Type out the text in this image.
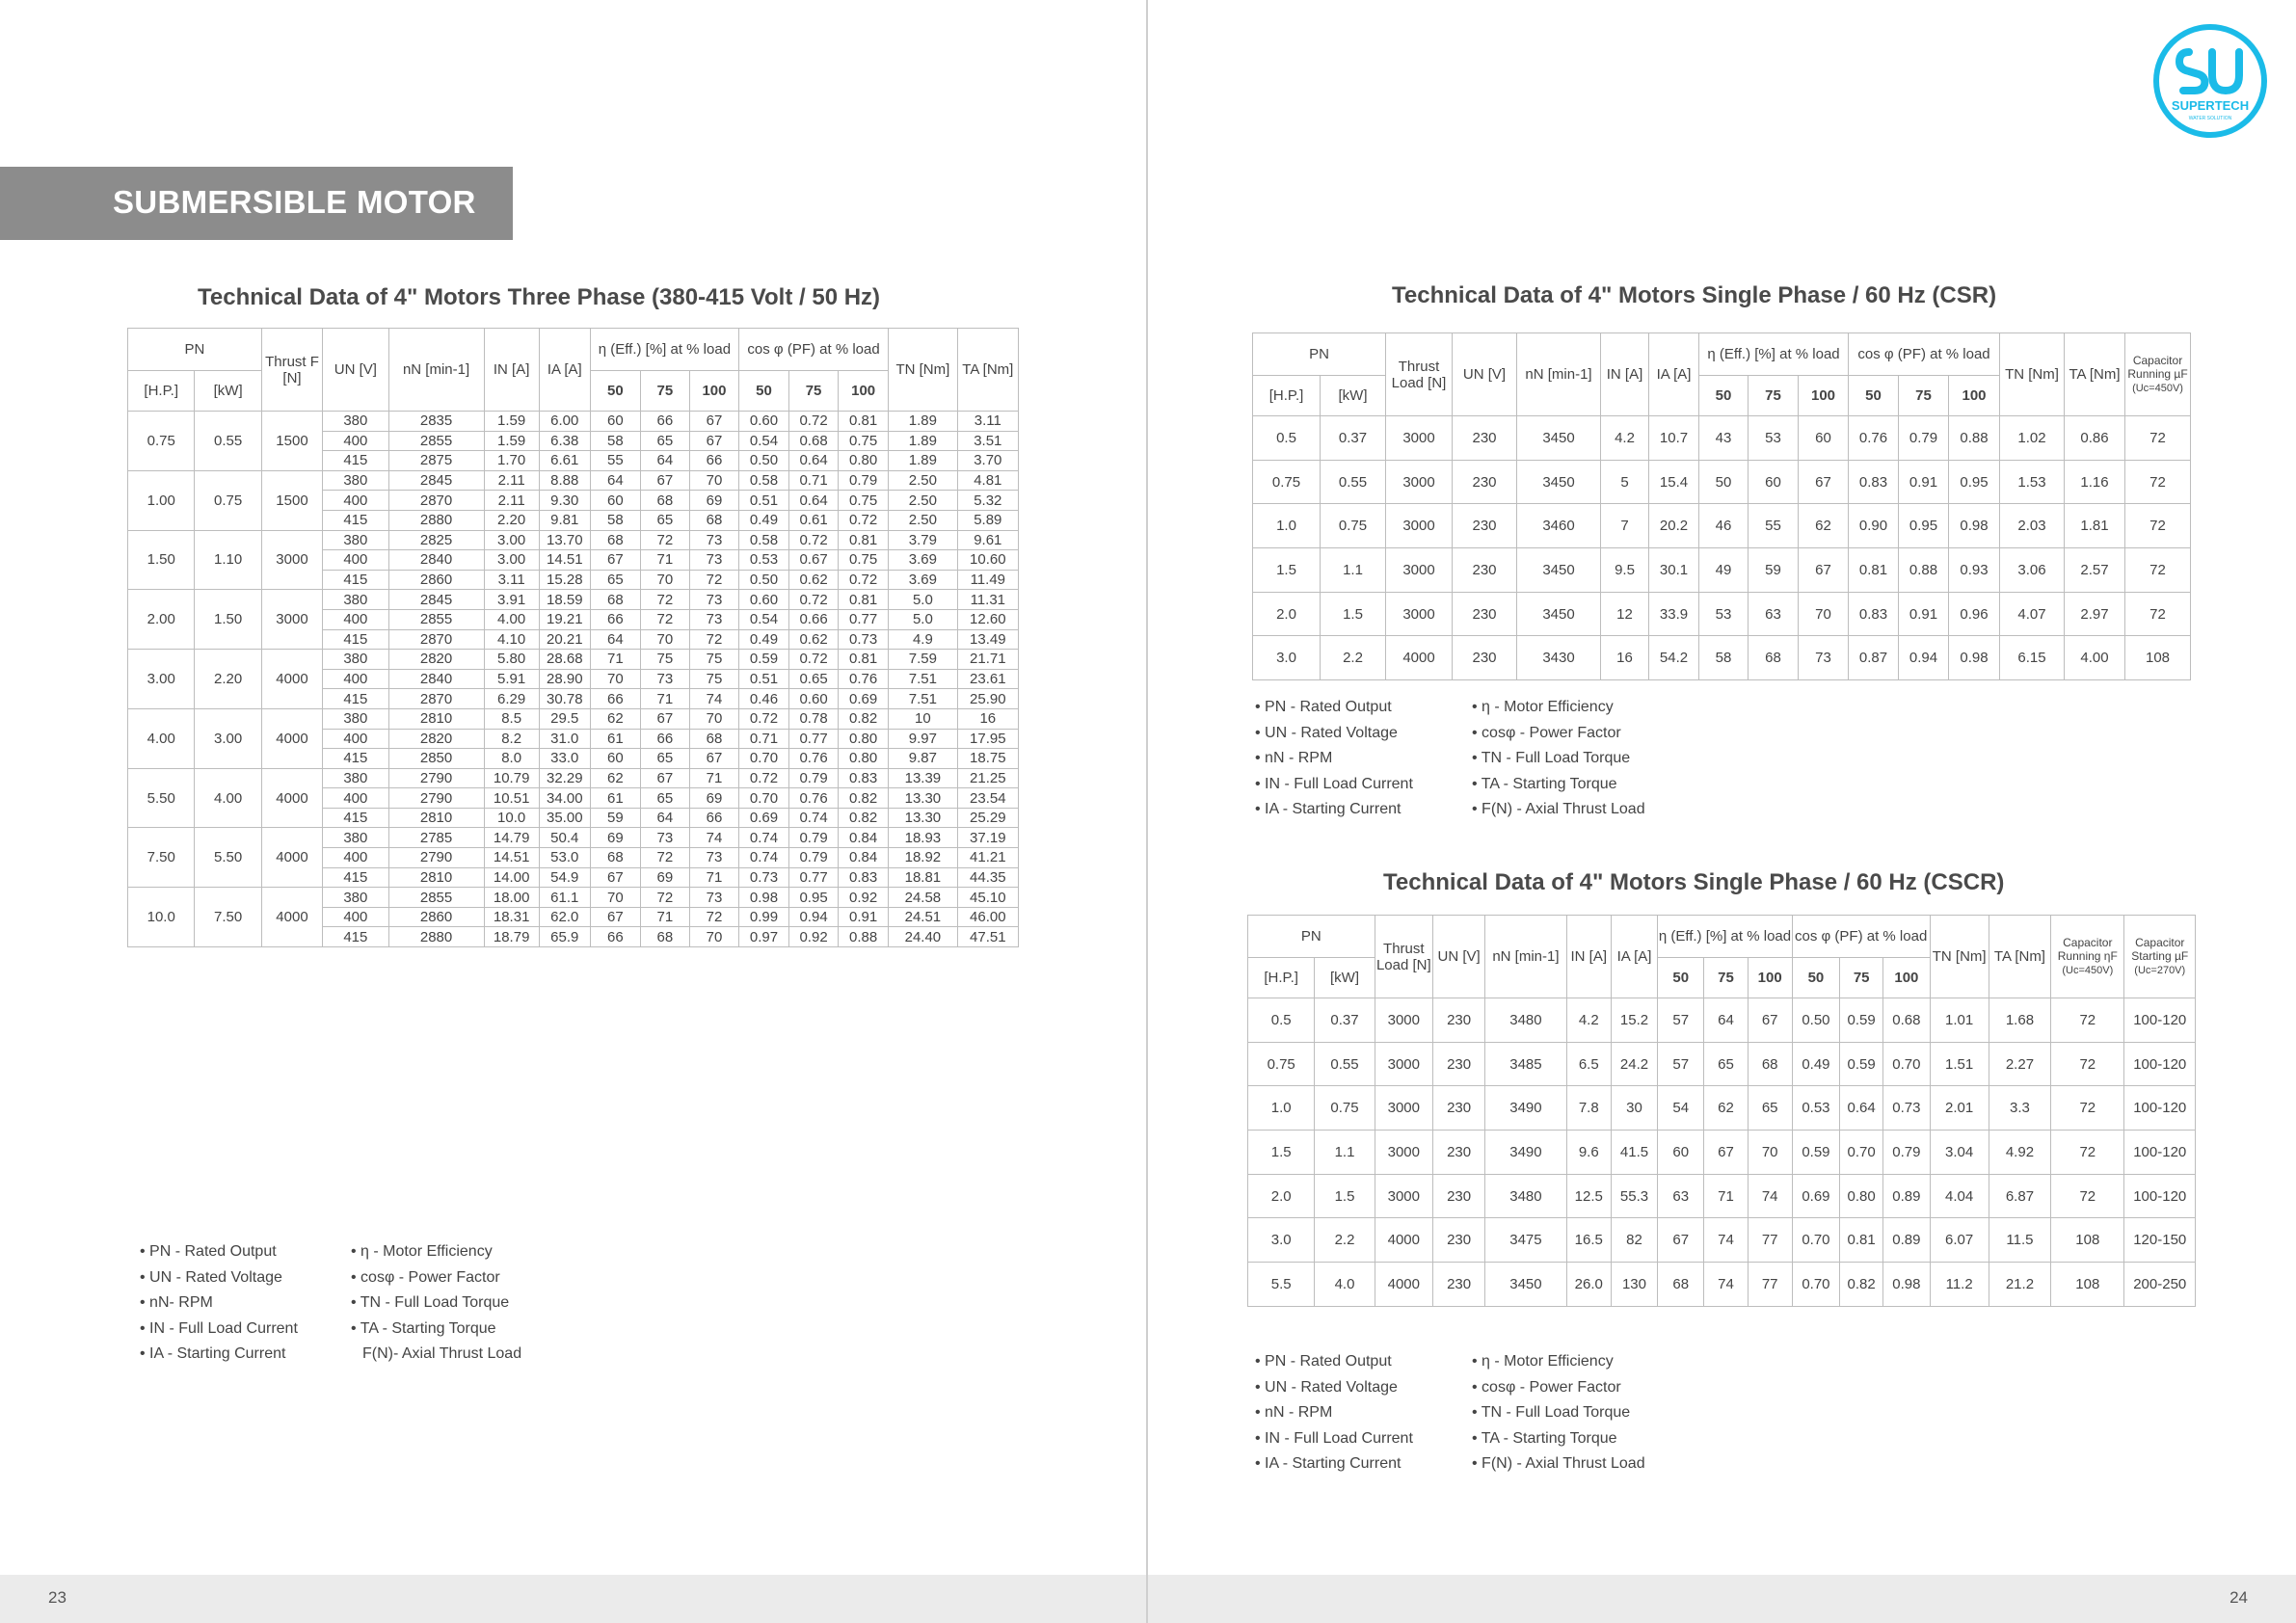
SUBMERSIBLE MOTOR
Technical Data of 4" Motors Three Phase (380-415 Volt / 50 Hz)
PN		Thrust F [N]	UN [V]	nN [min-1]	IN [A]	IA [A]	η (Eff.) [%] at % load			cos φ (PF) at % load			TN [Nm]	TA [Nm]
[H.P.]	[kW]						50	75	100	50	75	100		
0.75	0.55	1500	380	2835	1.59	6.00	60	66	67	0.60	0.72	0.81	1.89	3.11
			400	2855	1.59	6.38	58	65	67	0.54	0.68	0.75	1.89	3.51
			415	2875	1.70	6.61	55	64	66	0.50	0.64	0.80	1.89	3.70
1.00	0.75	1500	380	2845	2.11	8.88	64	67	70	0.58	0.71	0.79	2.50	4.81
			400	2870	2.11	9.30	60	68	69	0.51	0.64	0.75	2.50	5.32
			415	2880	2.20	9.81	58	65	68	0.49	0.61	0.72	2.50	5.89
1.50	1.10	3000	380	2825	3.00	13.70	68	72	73	0.58	0.72	0.81	3.79	9.61
			400	2840	3.00	14.51	67	71	73	0.53	0.67	0.75	3.69	10.60
			415	2860	3.11	15.28	65	70	72	0.50	0.62	0.72	3.69	11.49
2.00	1.50	3000	380	2845	3.91	18.59	68	72	73	0.60	0.72	0.81	5.0	11.31
			400	2855	4.00	19.21	66	72	73	0.54	0.66	0.77	5.0	12.60
			415	2870	4.10	20.21	64	70	72	0.49	0.62	0.73	4.9	13.49
3.00	2.20	4000	380	2820	5.80	28.68	71	75	75	0.59	0.72	0.81	7.59	21.71
			400	2840	5.91	28.90	70	73	75	0.51	0.65	0.76	7.51	23.61
			415	2870	6.29	30.78	66	71	74	0.46	0.60	0.69	7.51	25.90
4.00	3.00	4000	380	2810	8.5	29.5	62	67	70	0.72	0.78	0.82	10	16
			400	2820	8.2	31.0	61	66	68	0.71	0.77	0.80	9.97	17.95
			415	2850	8.0	33.0	60	65	67	0.70	0.76	0.80	9.87	18.75
5.50	4.00	4000	380	2790	10.79	32.29	62	67	71	0.72	0.79	0.83	13.39	21.25
			400	2790	10.51	34.00	61	65	69	0.70	0.76	0.82	13.30	23.54
			415	2810	10.0	35.00	59	64	66	0.69	0.74	0.82	13.30	25.29
7.50	5.50	4000	380	2785	14.79	50.4	69	73	74	0.74	0.79	0.84	18.93	37.19
			400	2790	14.51	53.0	68	72	73	0.74	0.79	0.84	18.92	41.21
			415	2810	14.00	54.9	67	69	71	0.73	0.77	0.83	18.81	44.35
10.0	7.50	4000	380	2855	18.00	61.1	70	72	73	0.98	0.95	0.92	24.58	45.10
			400	2860	18.31	62.0	67	71	72	0.99	0.94	0.91	24.51	46.00
			415	2880	18.79	65.9	66	68	70	0.97	0.92	0.88	24.40	47.51
• PN - Rated Output
• UN - Rated Voltage
• nN- RPM
• IN - Full Load Current
• IA - Starting Current
• η - Motor Efficiency
• cosφ - Power Factor
• TN - Full Load Torque
• TA - Starting Torque
F(N)- Axial Thrust Load
23
Technical Data of 4" Motors Single Phase / 60 Hz (CSR)
PN		Thrust Load [N]	UN [V]	nN [min-1]	IN [A]	IA [A]	η (Eff.) [%] at % load			cos φ (PF) at % load			TN [Nm]	TA [Nm]	Capacitor Running µF
(Uc=450V)
[H.P.]	[kW]						50	75	100	50	75	100			
0.5	0.37	3000	230	3450	4.2	10.7	43	53	60	0.76	0.79	0.88	1.02	0.86	72
0.75	0.55	3000	230	3450	5	15.4	50	60	67	0.83	0.91	0.95	1.53	1.16	72
1.0	0.75	3000	230	3460	7	20.2	46	55	62	0.90	0.95	0.98	2.03	1.81	72
1.5	1.1	3000	230	3450	9.5	30.1	49	59	67	0.81	0.88	0.93	3.06	2.57	72
2.0	1.5	3000	230	3450	12	33.9	53	63	70	0.83	0.91	0.96	4.07	2.97	72
3.0	2.2	4000	230	3430	16	54.2	58	68	73	0.87	0.94	0.98	6.15	4.00	108
• PN - Rated Output
• UN - Rated Voltage
• nN - RPM
• IN - Full Load Current
• IA - Starting Current
• η - Motor Efficiency
• cosφ - Power Factor
• TN - Full Load Torque
• TA - Starting Torque
• F(N) - Axial Thrust Load
Technical Data of 4" Motors Single Phase / 60 Hz (CSCR)
PN		Thrust Load [N]	UN [V]	nN [min-1]	IN [A]	IA [A]	η (Eff.) [%] at % load			cos φ (PF) at % load			TN [Nm]	TA [Nm]	Capacitor Running ηF
(Uc=450V)	Capacitor Starting µF
(Uc=270V)
[H.P.]	[kW]						50	75	100	50	75	100				
0.5	0.37	3000	230	3480	4.2	15.2	57	64	67	0.50	0.59	0.68	1.01	1.68	72	100-120
0.75	0.55	3000	230	3485	6.5	24.2	57	65	68	0.49	0.59	0.70	1.51	2.27	72	100-120
1.0	0.75	3000	230	3490	7.8	30	54	62	65	0.53	0.64	0.73	2.01	3.3	72	100-120
1.5	1.1	3000	230	3490	9.6	41.5	60	67	70	0.59	0.70	0.79	3.04	4.92	72	100-120
2.0	1.5	3000	230	3480	12.5	55.3	63	71	74	0.69	0.80	0.89	4.04	6.87	72	100-120
3.0	2.2	4000	230	3475	16.5	82	67	74	77	0.70	0.81	0.89	6.07	11.5	108	120-150
5.5	4.0	4000	230	3450	26.0	130	68	74	77	0.70	0.82	0.98	11.2	21.2	108	200-250
• PN - Rated Output
• UN - Rated Voltage
• nN - RPM
• IN - Full Load Current
• IA - Starting Current
• η - Motor Efficiency
• cosφ - Power Factor
• TN - Full Load Torque
• TA - Starting Torque
• F(N) - Axial Thrust Load
24
SUPERTECH
WATER SOLUTION
